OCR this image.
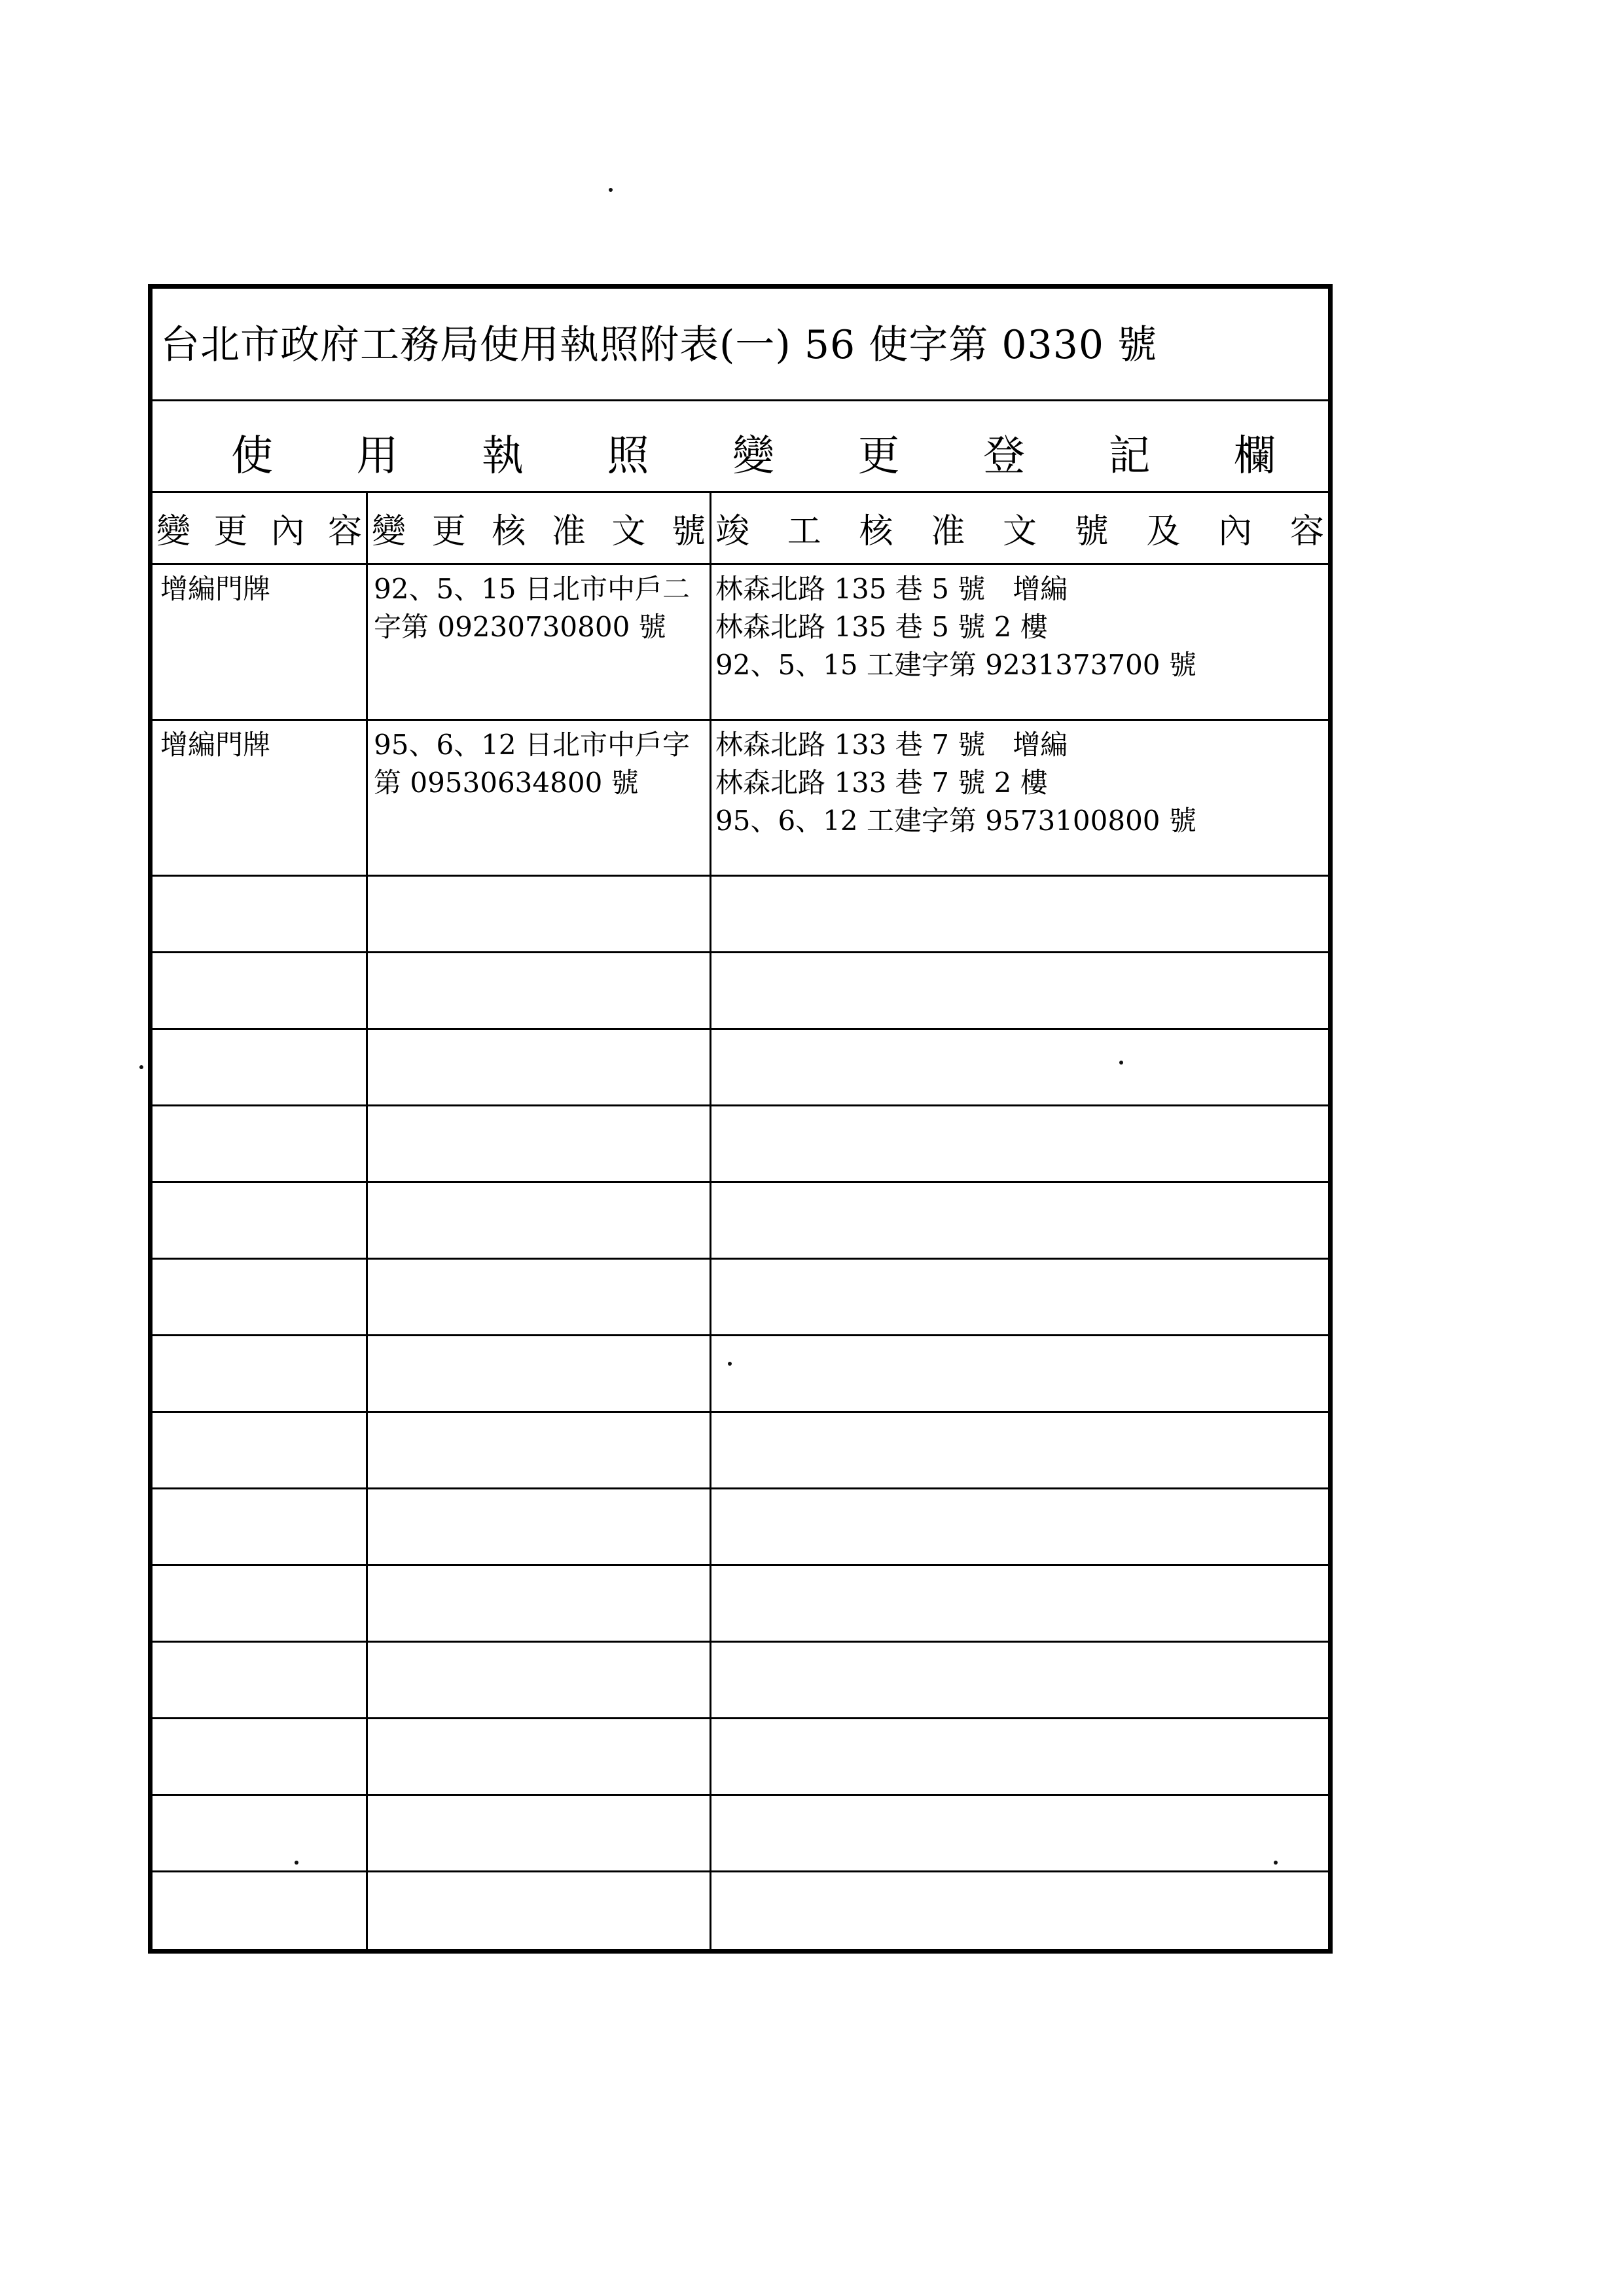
台北市政府工務局使用執照附表(一) 56 使字第 0330 號
使 用 執 照 變 更 登 記 欄
變 更 內 容 變 更 核 准 文 號 竣 工 核 准 文 號 及 內 容
增編門牌	92、5、15 日北市中戶二
字第 09230730800 號
林森北路 135 巷 5 號　增編
林森北路 135 巷 5 號 2 樓
92、5、15 工建字第 9231373700 號
增編門牌	95、6、12 日北市中戶字
第 09530634800 號
林森北路 133 巷 7 號　增編
林森北路 133 巷 7 號 2 樓
95、6、12 工建字第 9573100800 號
